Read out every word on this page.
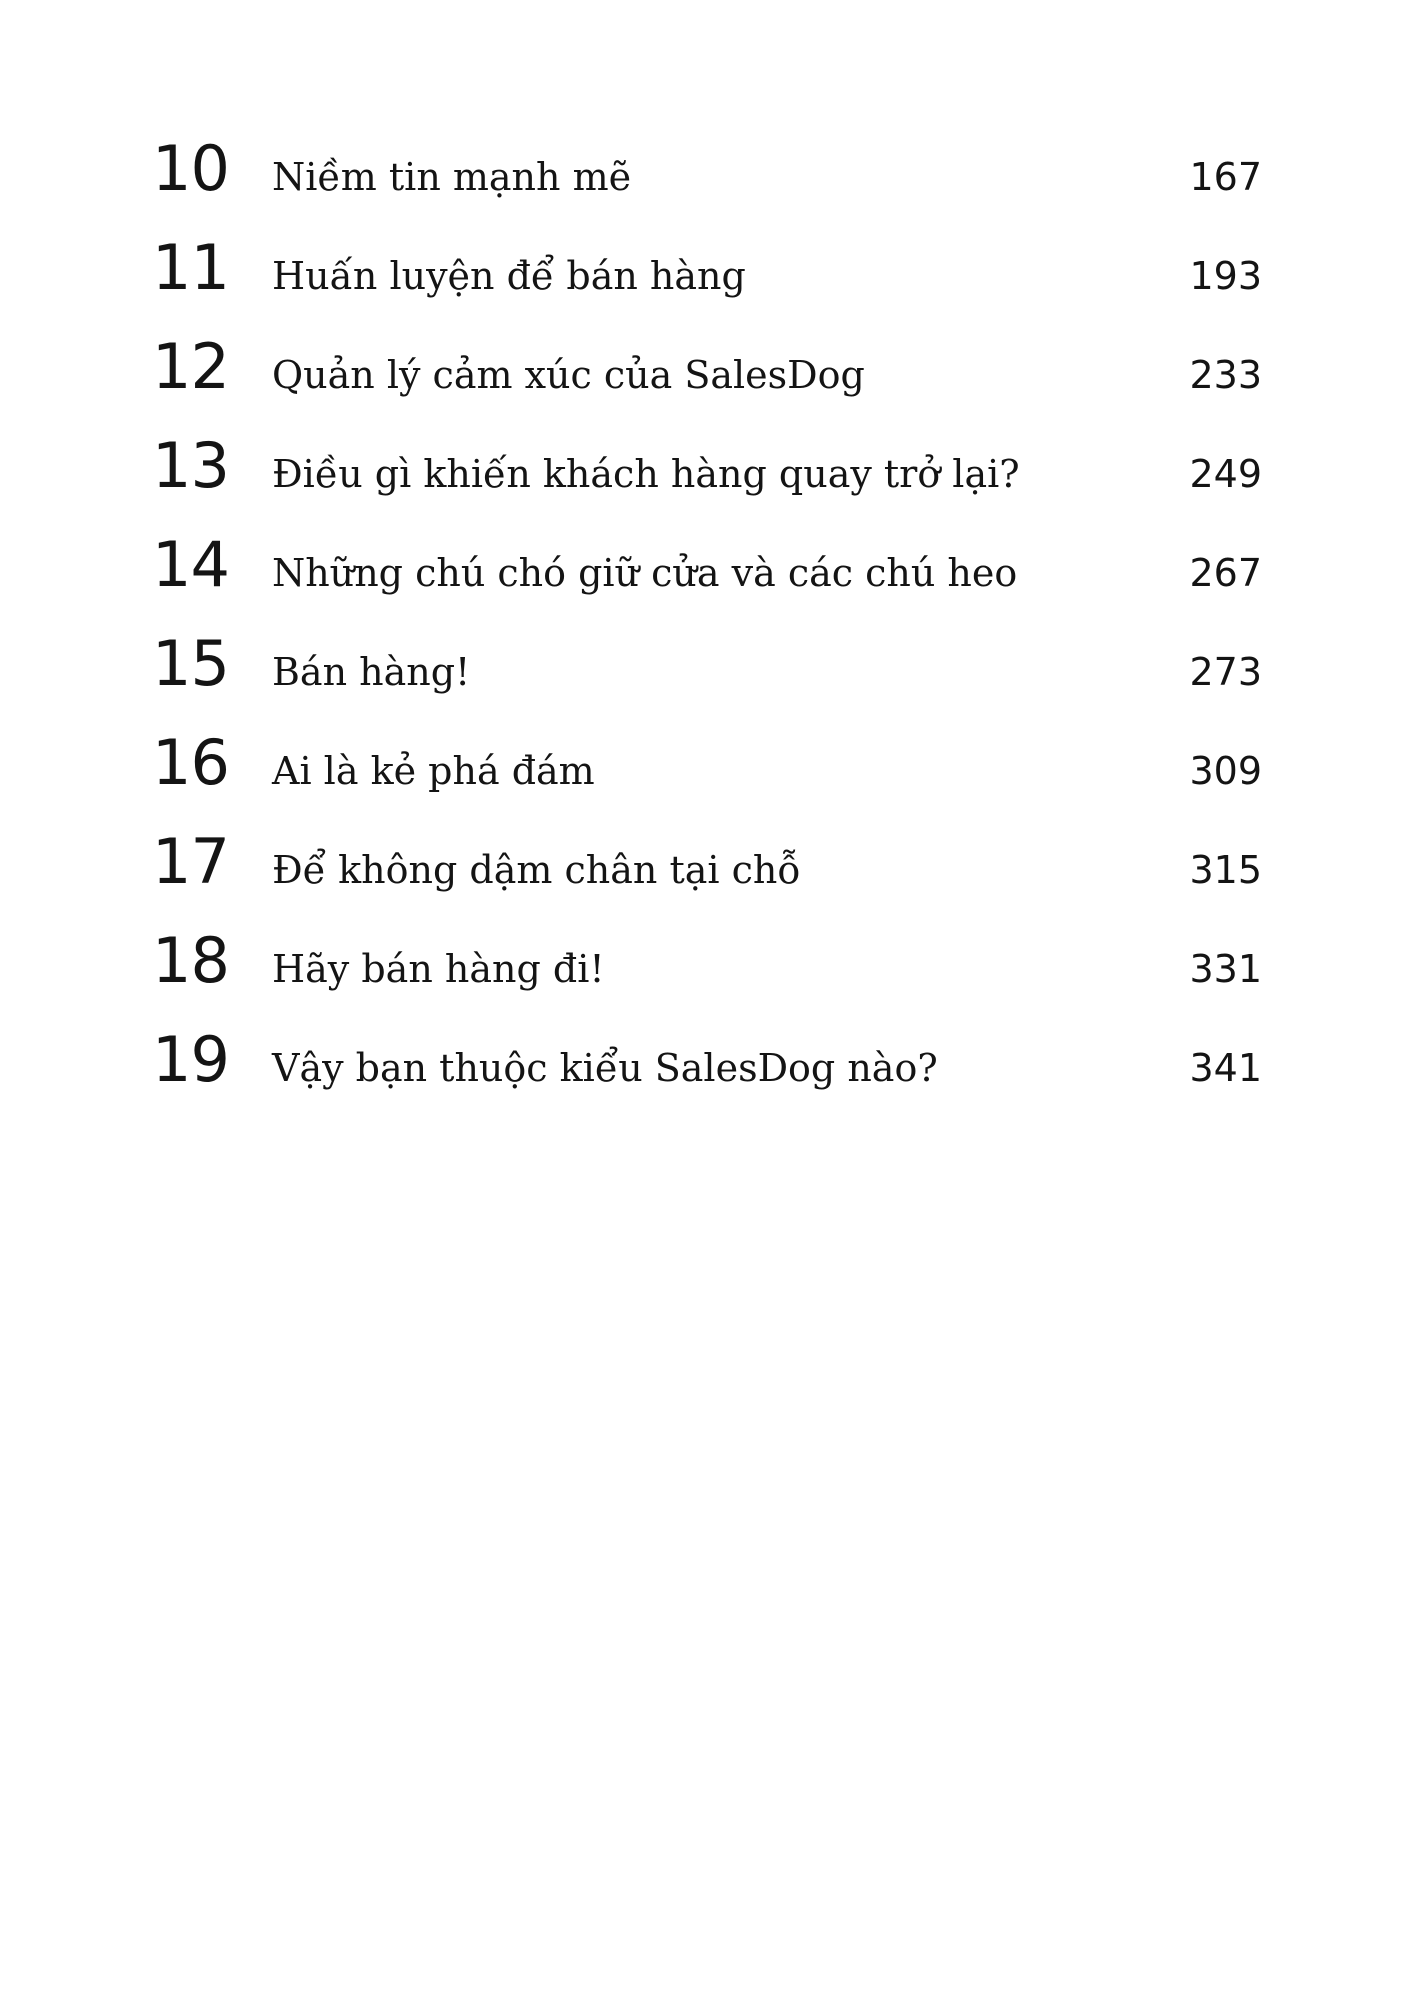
10	Niềm tin mạnh mẽ	167
11	Huấn luyện để bán hàng	193
12	Quản lý cảm xúc của SalesDog	233
13	Điều gì khiến khách hàng quay trở lại?	249
14	Những chú chó giữ cửa và các chú heo	267
15	Bán hàng!	273
16	Ai là kẻ phá đám	309
17	Để không dậm chân tại chỗ	315
18	Hãy bán hàng đi!	331
19	Vậy bạn thuộc kiểu SalesDog nào?	341
